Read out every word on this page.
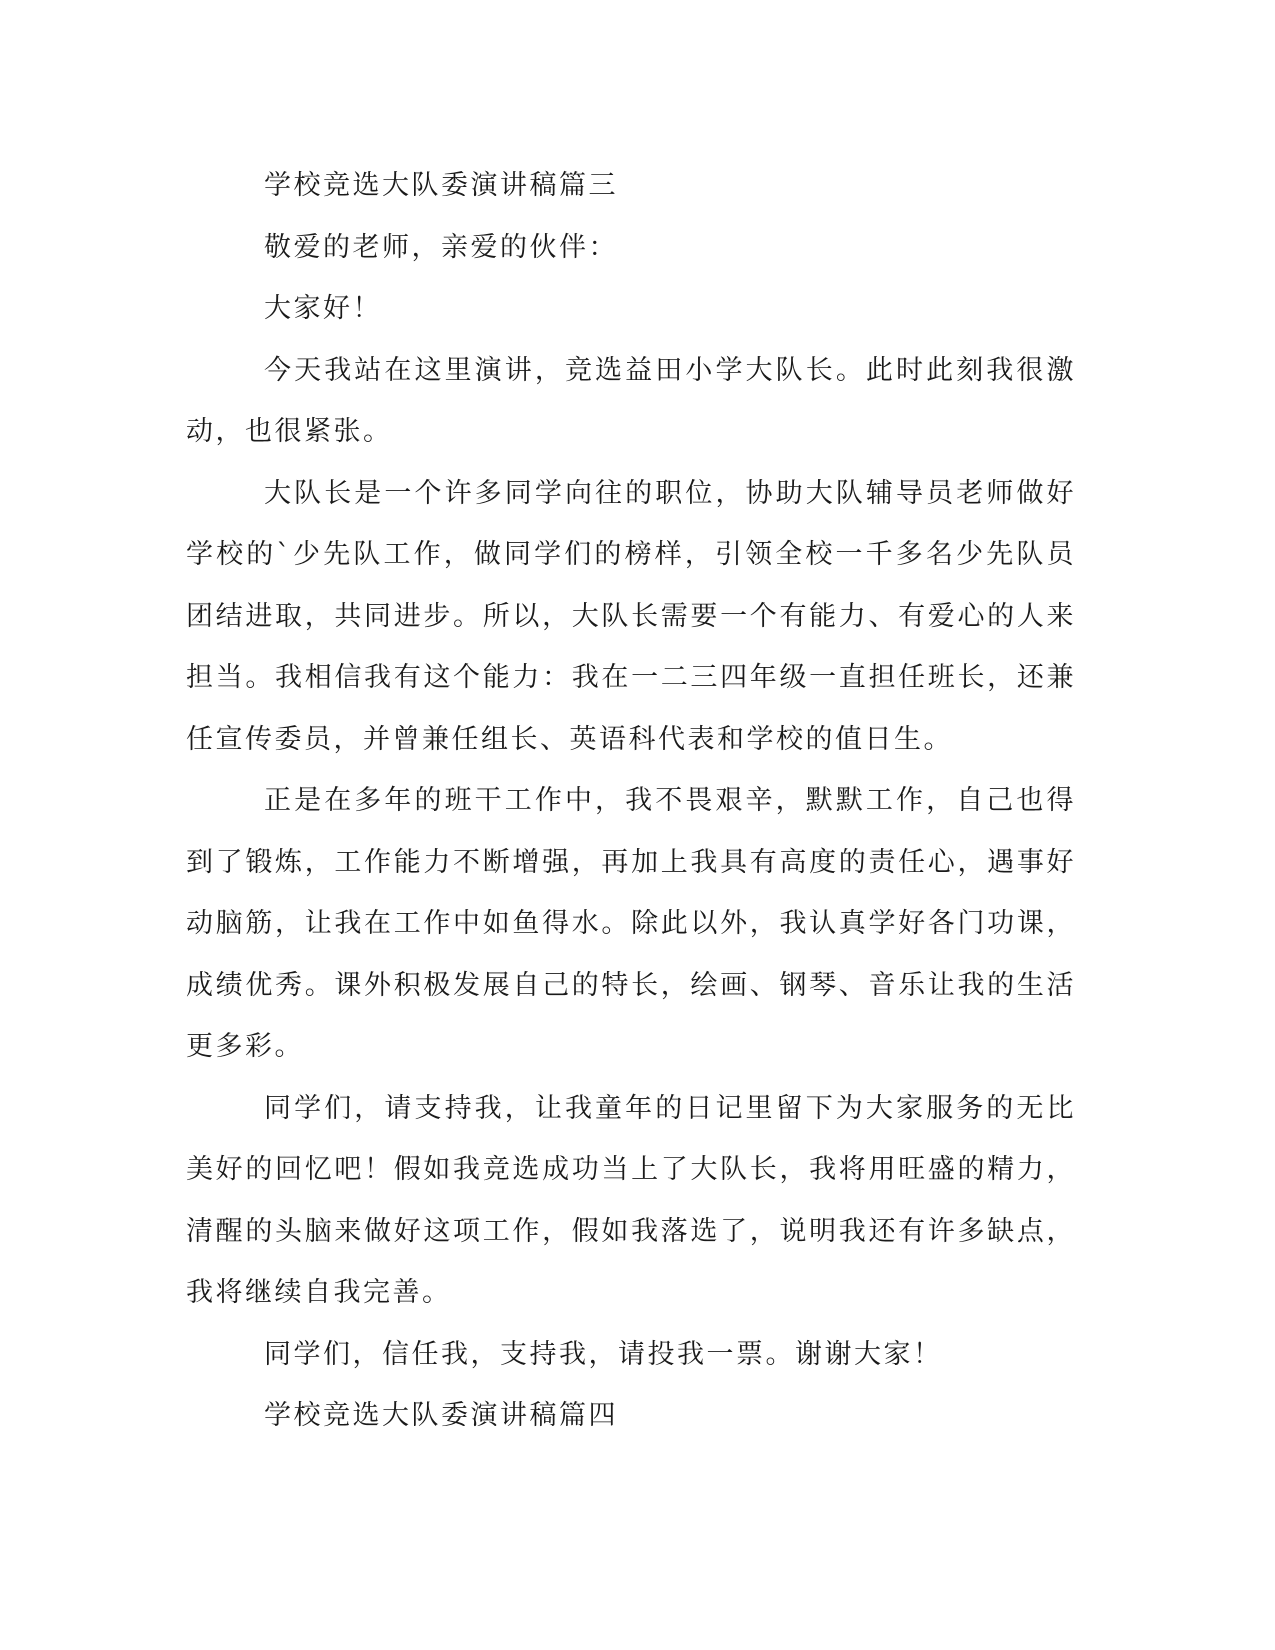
学校竞选大队委演讲稿篇三

敬爱的老师，亲爱的伙伴：

大家好！

今天我站在这里演讲，竞选益田小学大队长。此时此刻我很激动，也很紧张。

大队长是一个许多同学向往的职位，协助大队辅导员老师做好学校的`少先队工作，做同学们的榜样，引领全校一千多名少先队员团结进取，共同进步。所以，大队长需要一个有能力、有爱心的人来担当。我相信我有这个能力：我在一二三四年级一直担任班长，还兼任宣传委员，并曾兼任组长、英语科代表和学校的值日生。

正是在多年的班干工作中，我不畏艰辛，默默工作，自己也得到了锻炼，工作能力不断增强，再加上我具有高度的责任心，遇事好动脑筋，让我在工作中如鱼得水。除此以外，我认真学好各门功课，成绩优秀。课外积极发展自己的特长，绘画、钢琴、音乐让我的生活更多彩。

同学们，请支持我，让我童年的日记里留下为大家服务的无比美好的回忆吧！假如我竞选成功当上了大队长，我将用旺盛的精力，清醒的头脑来做好这项工作，假如我落选了，说明我还有许多缺点，我将继续自我完善。

同学们，信任我，支持我，请投我一票。谢谢大家！

学校竞选大队委演讲稿篇四
